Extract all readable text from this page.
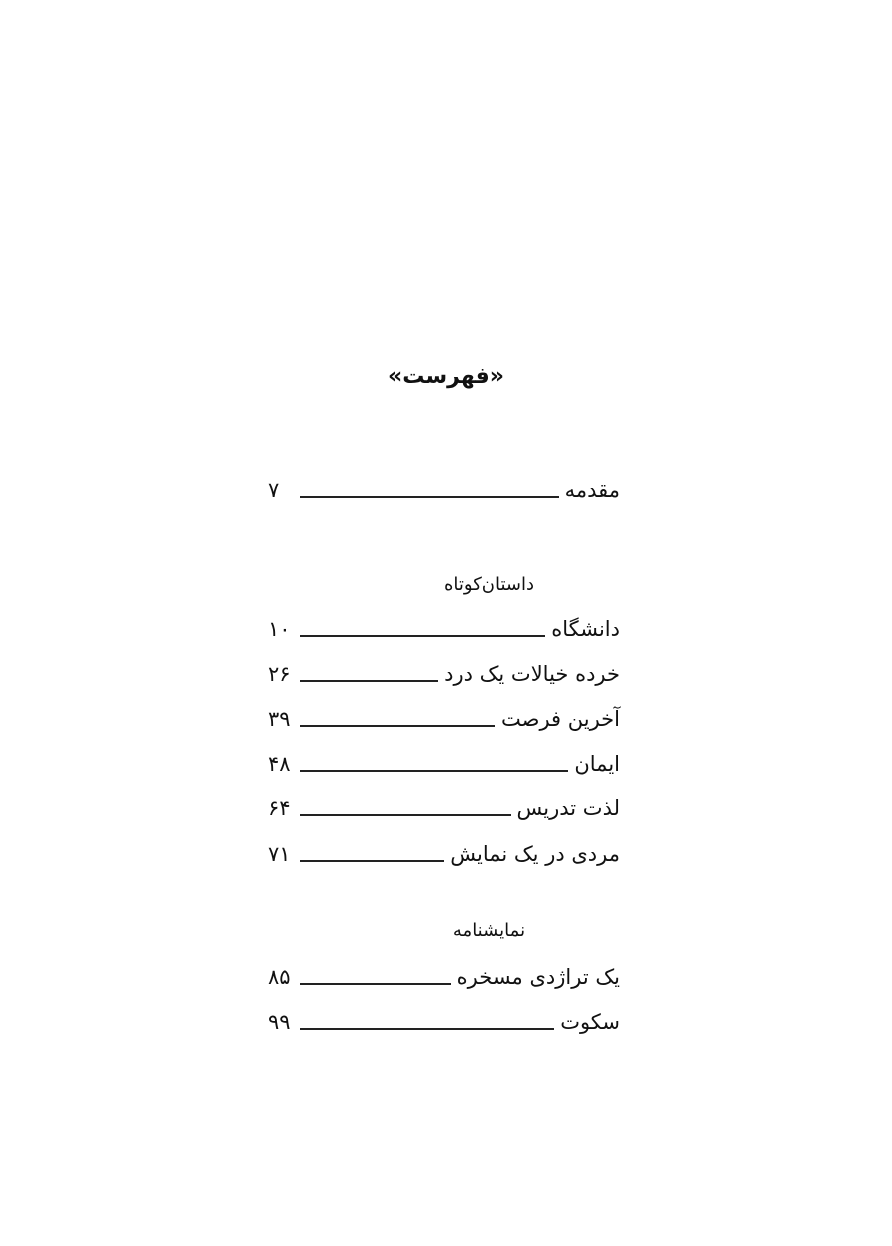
«فهرست»
مقدمه
۷
داستان‌کوتاه
دانشگاه
۱۰
خرده خیالات یک درد
۲۶
آخرین فرصت
۳۹
ایمان
۴۸
لذت تدریس
۶۴
مردی در یک نمایش
۷۱
نمایشنامه
یک تراژدی مسخره
۸۵
سکوت
۹۹
